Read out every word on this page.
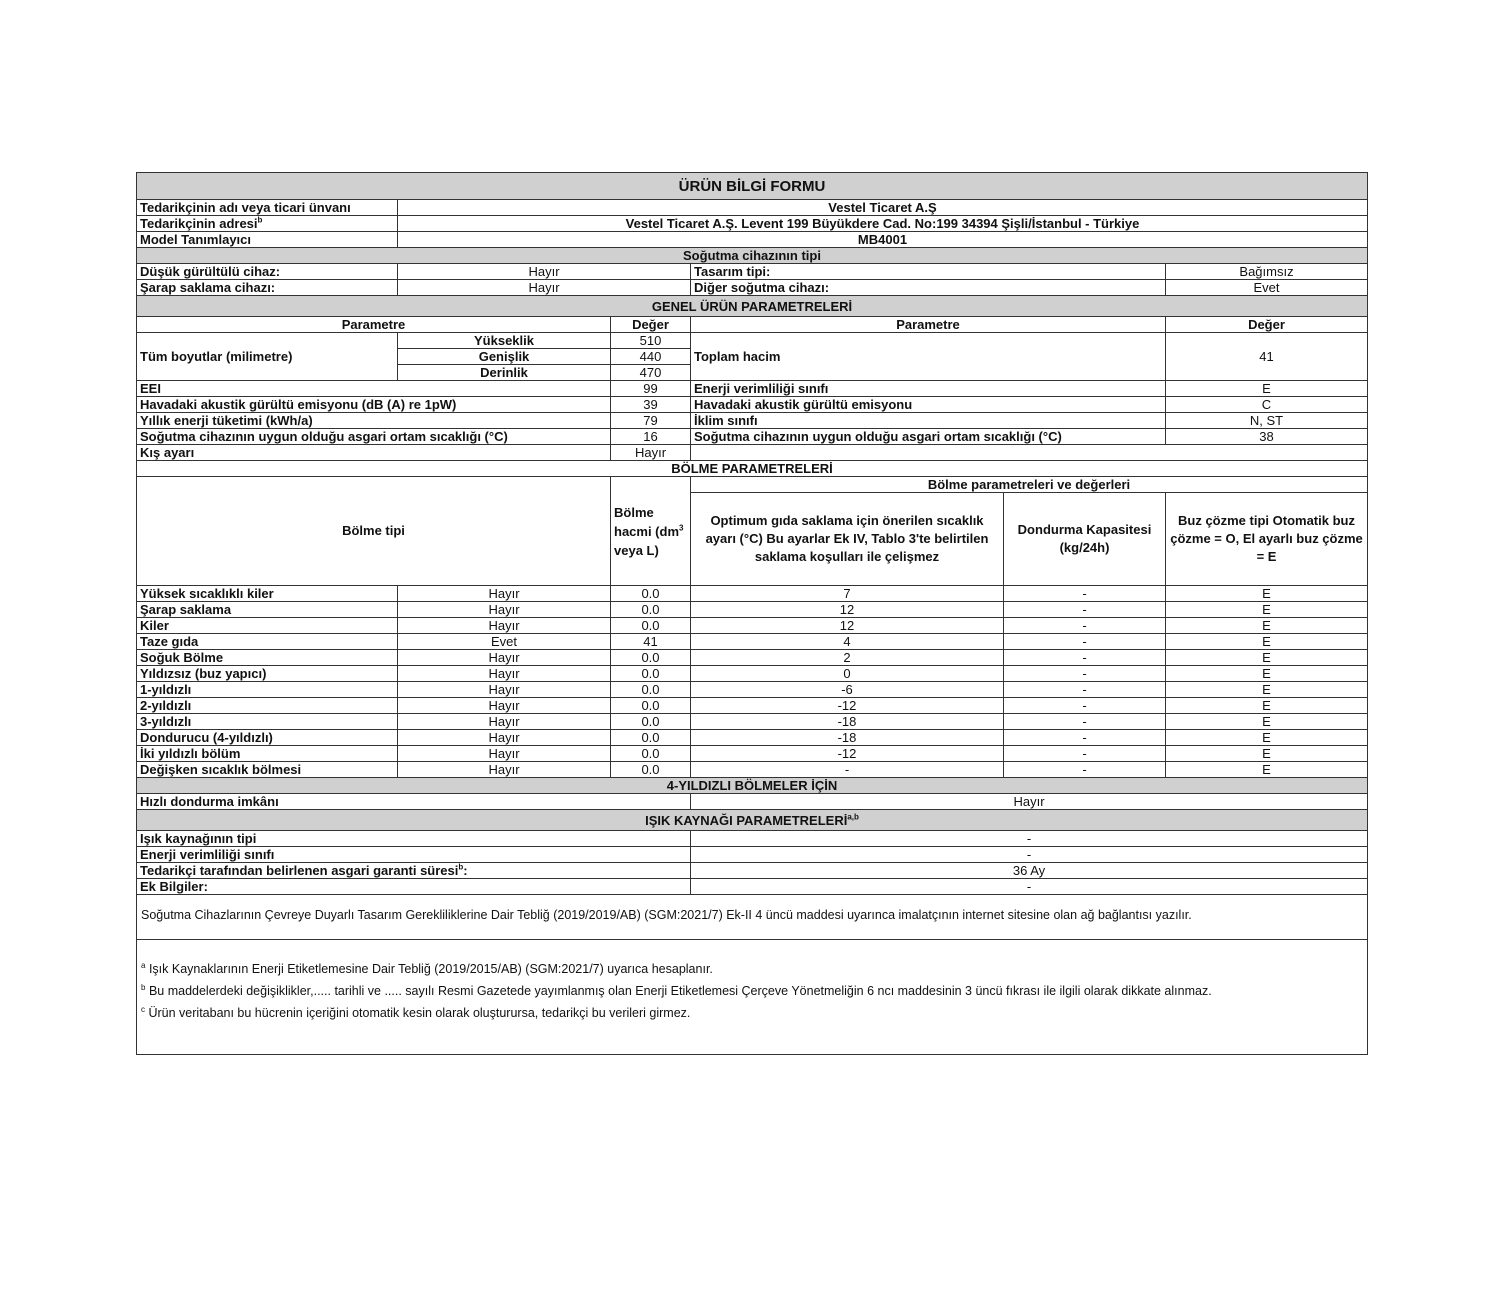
ÜRÜN BİLGİ FORMU					
Tedarikçinin adı veya ticari ünvanı	Vestel Ticaret A.Ş				
Tedarikçinin adresi$^b$	Vestel Ticaret A.Ş. Levent 199 Büyükdere Cad. No:199 34394 Şişli/İstanbul - Türkiye				
Model Tanımlayıcı	MB4001				
Soğutma cihazının tipi					
Düşük gürültülü cihaz:	Hayır		Tasarım tipi:		Bağımsız
Şarap saklama cihazı:	Hayır		Diğer soğutma cihazı:		Evet
GENEL ÜRÜN PARAMETRELERİ					
Parametre		Değer	Parametre		Değer
Tüm boyutlar (milimetre)	Yükseklik	510	Toplam hacim		41
	Genişlik	440			
	Derinlik	470			
EEI		99	Enerji verimliliği sınıfı		E
Havadaki akustik gürültü emisyonu (dB (A) re 1pW)		39	Havadaki akustik gürültü emisyonu		C
Yıllık enerji tüketimi (kWh/a)		79	İklim sınıfı		N, ST
Soğutma cihazının uygun olduğu asgari ortam sıcaklığı (°C)		16	Soğutma cihazının uygun olduğu asgari ortam sıcaklığı (°C)		38
Kış ayarı		Hayır			
BÖLME PARAMETRELERİ					
Bölme tipi		Bölme hacmi ($dm^3$ veya L)	Bölme parametreleri ve değerleri		
			Optimum gıda saklama için önerilen sıcaklık ayarı (°C) Bu ayarlar Ek IV, Tablo 3'te belirtilen saklama koşulları ile çelişmez	Dondurma Kapasitesi (kg/24h)	Buz çözme tipi Otomatik buz çözme = O, El ayarlı buz çözme = E
Yüksek sıcaklıklı kiler	Hayır	0.0	7	-	E
Şarap saklama	Hayır	0.0	12	-	E
Kiler	Hayır	0.0	12	-	E
Taze gıda	Evet	41	4	-	E
Soğuk Bölme	Hayır	0.0	2	-	E
Yıldızsız (buz yapıcı)	Hayır	0.0	0	-	E
1-yıldızlı	Hayır	0.0	-6	-	E
2-yıldızlı	Hayır	0.0	-12	-	E
3-yıldızlı	Hayır	0.0	-18	-	E
Dondurucu (4-yıldızlı)	Hayır	0.0	-18	-	E
İki yıldızlı bölüm	Hayır	0.0	-12	-	E
Değişken sıcaklık bölmesi	Hayır	0.0	-	-	E
4-YILDIZLI BÖLMELER İÇİN					
Hızlı dondurma imkânı			Hayır		
IŞIK KAYNAĞI PARAMETRELERİ$^{a,b}$
Işık kaynağının tipi			-		
Enerji verimliliği sınıfı			-		
Tedarikçi tarafından belirlenen asgari garanti süresi$^b$:			36 Ay		
Ek Bilgiler:			-		
Soğutma Cihazlarının Çevreye Duyarlı Tasarım Gerekliliklerine Dair Tebliğ (2019/2019/AB) (SGM:2021/7) Ek-II 4 üncü maddesi uyarınca imalatçının internet sitesine olan ağ bağlantısı yazılır.					

$^a$ Işık Kaynaklarının Enerji Etiketlemesine Dair Tebliğ (2019/2015/AB) (SGM:2021/7) uyarıca hesaplanır.
$^b$ Bu maddelerdeki değişiklikler,..... tarihli ve ..... sayılı Resmi Gazetede yayımlanmış olan Enerji Etiketlemesi Çerçeve Yönetmeliğin 6 ncı maddesinin 3 üncü fıkrası ile ilgili olarak dikkate alınmaz.
$^c$ Ürün veritabanı bu hücrenin içeriğini otomatik kesin olarak oluşturursa, tedarikçi bu verileri girmez.					
